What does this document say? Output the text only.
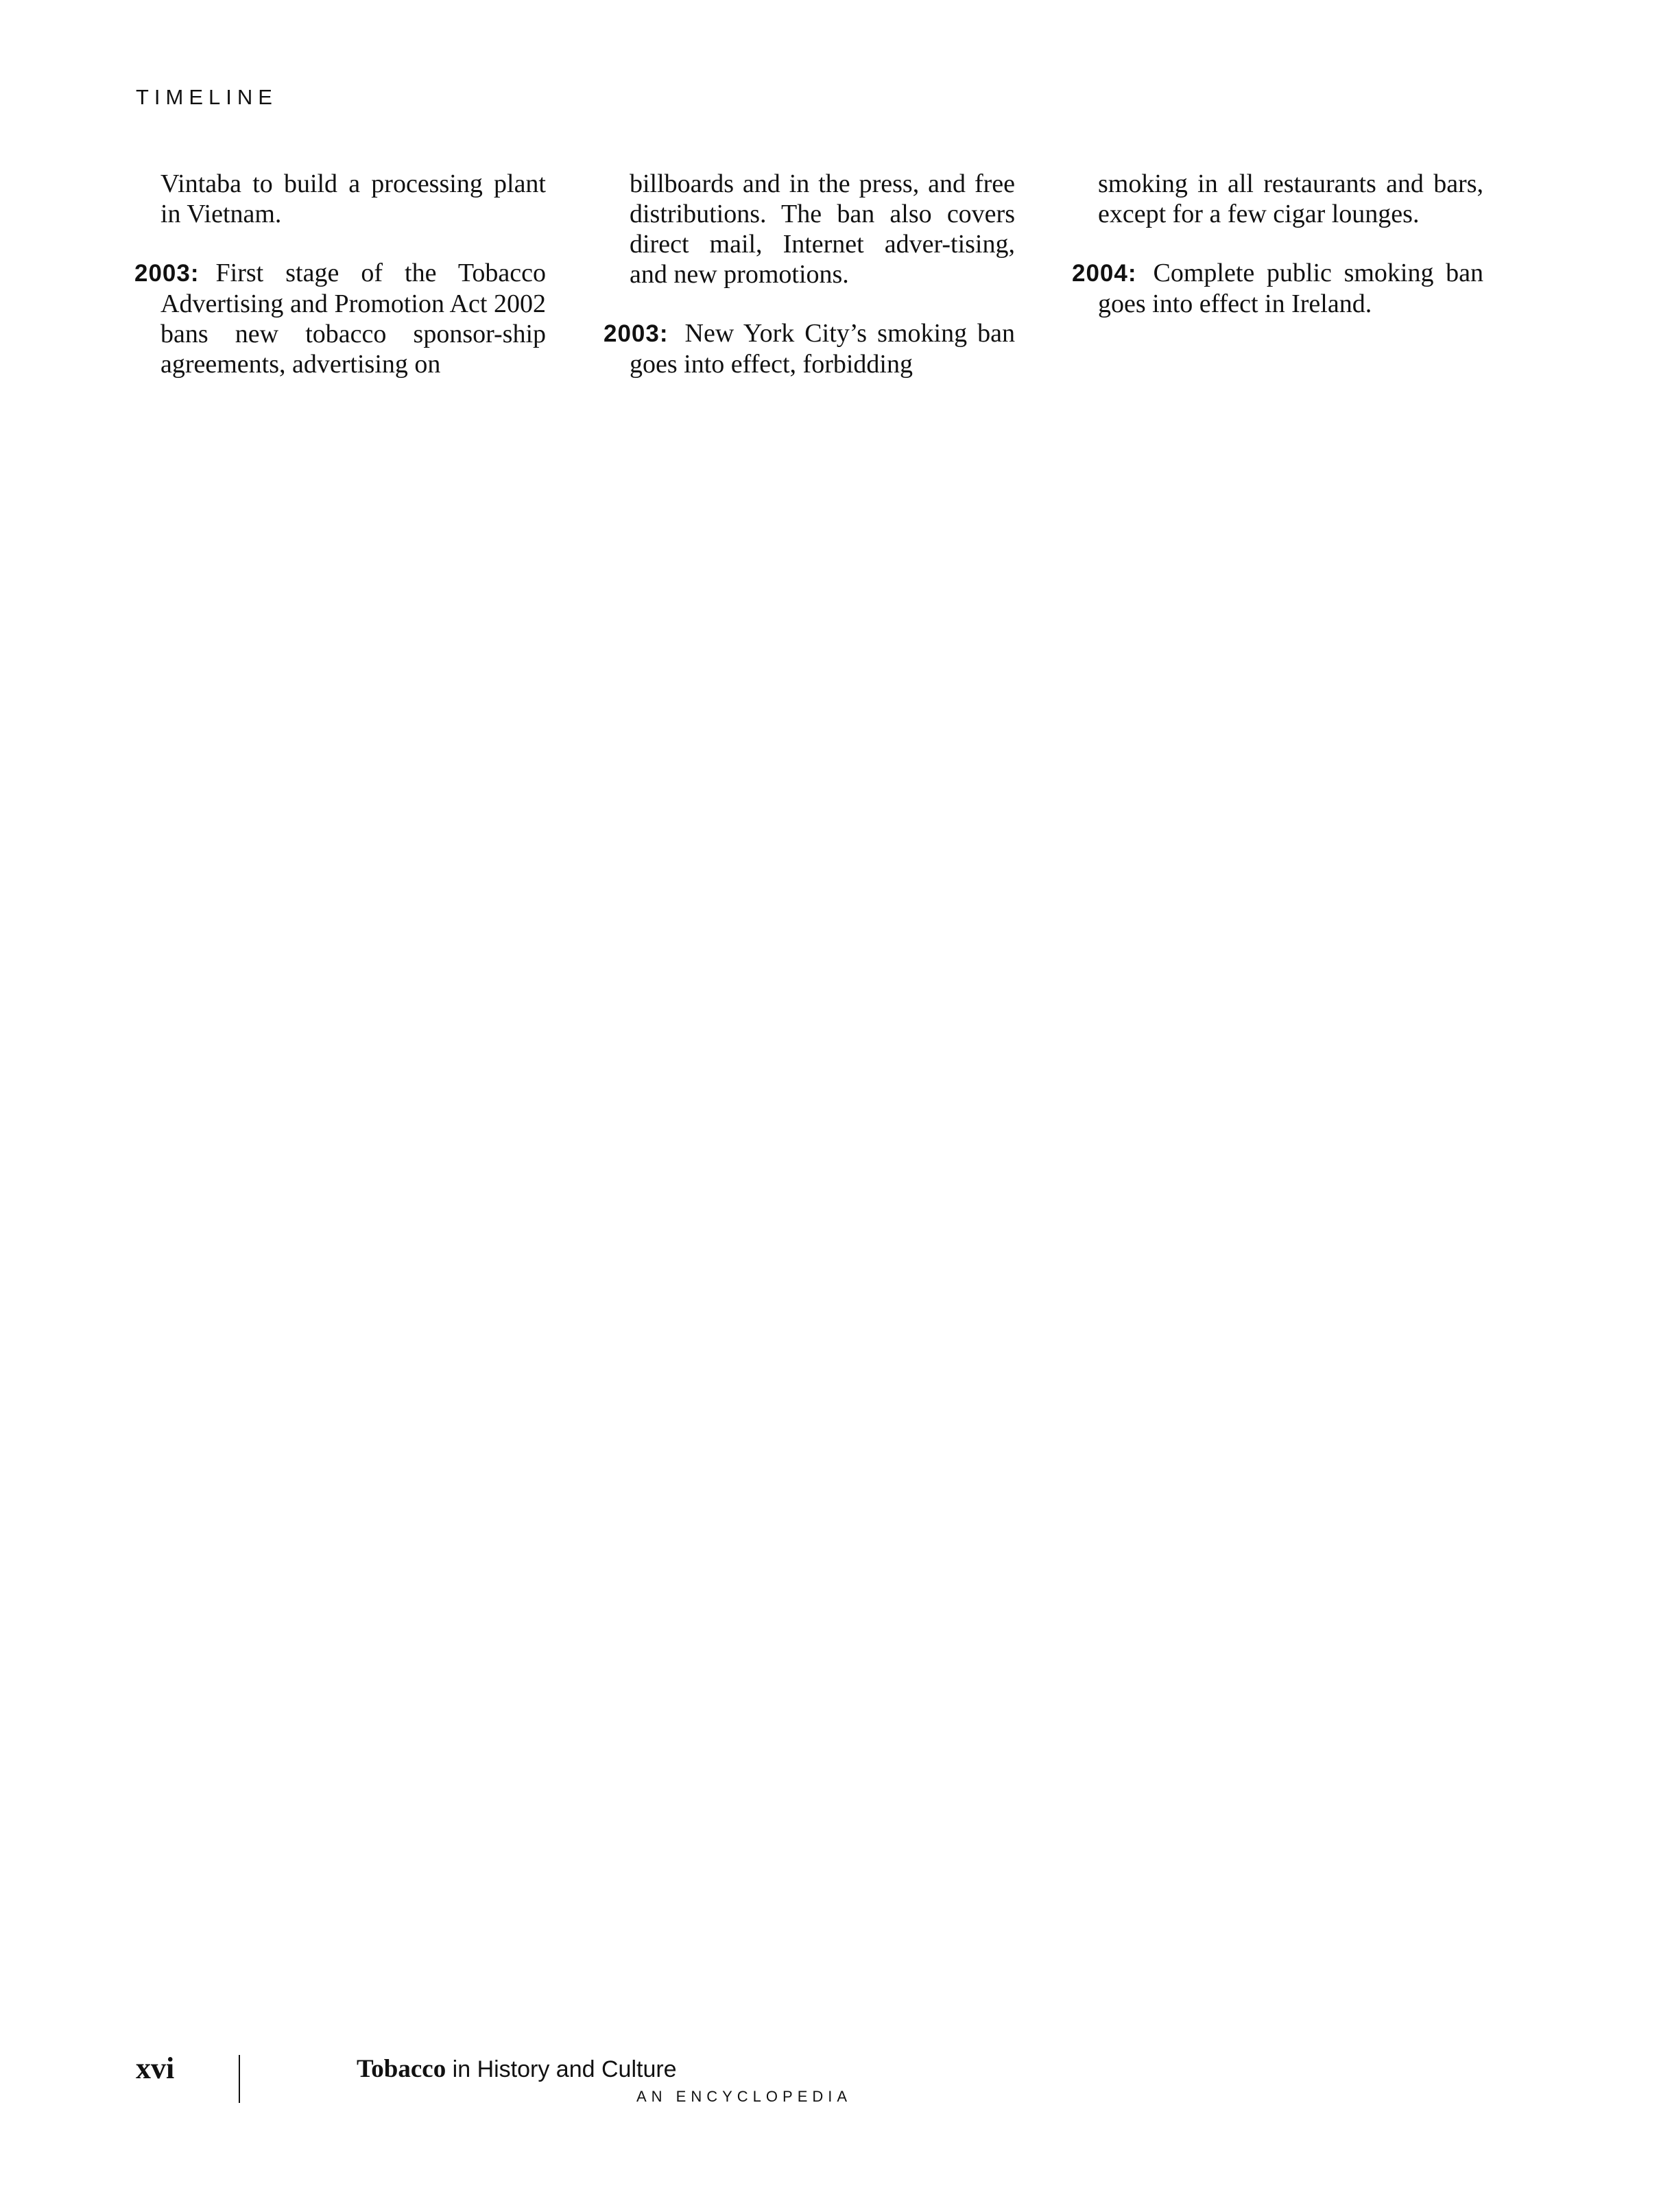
TIMELINE

Vintaba to build a processing plant in Vietnam.

2003: First stage of the Tobacco Advertising and Promotion Act 2002 bans new tobacco sponsor-ship agreements, advertising on

billboards and in the press, and free distributions. The ban also covers direct mail, Internet adver-tising, and new promotions.

2003: New York City’s smoking ban goes into effect, forbidding

smoking in all restaurants and bars, except for a few cigar lounges.

2004: Complete public smoking ban goes into effect in Ireland.

xvi	Tobacco in History and Culture
AN ENCYCLOPEDIA
